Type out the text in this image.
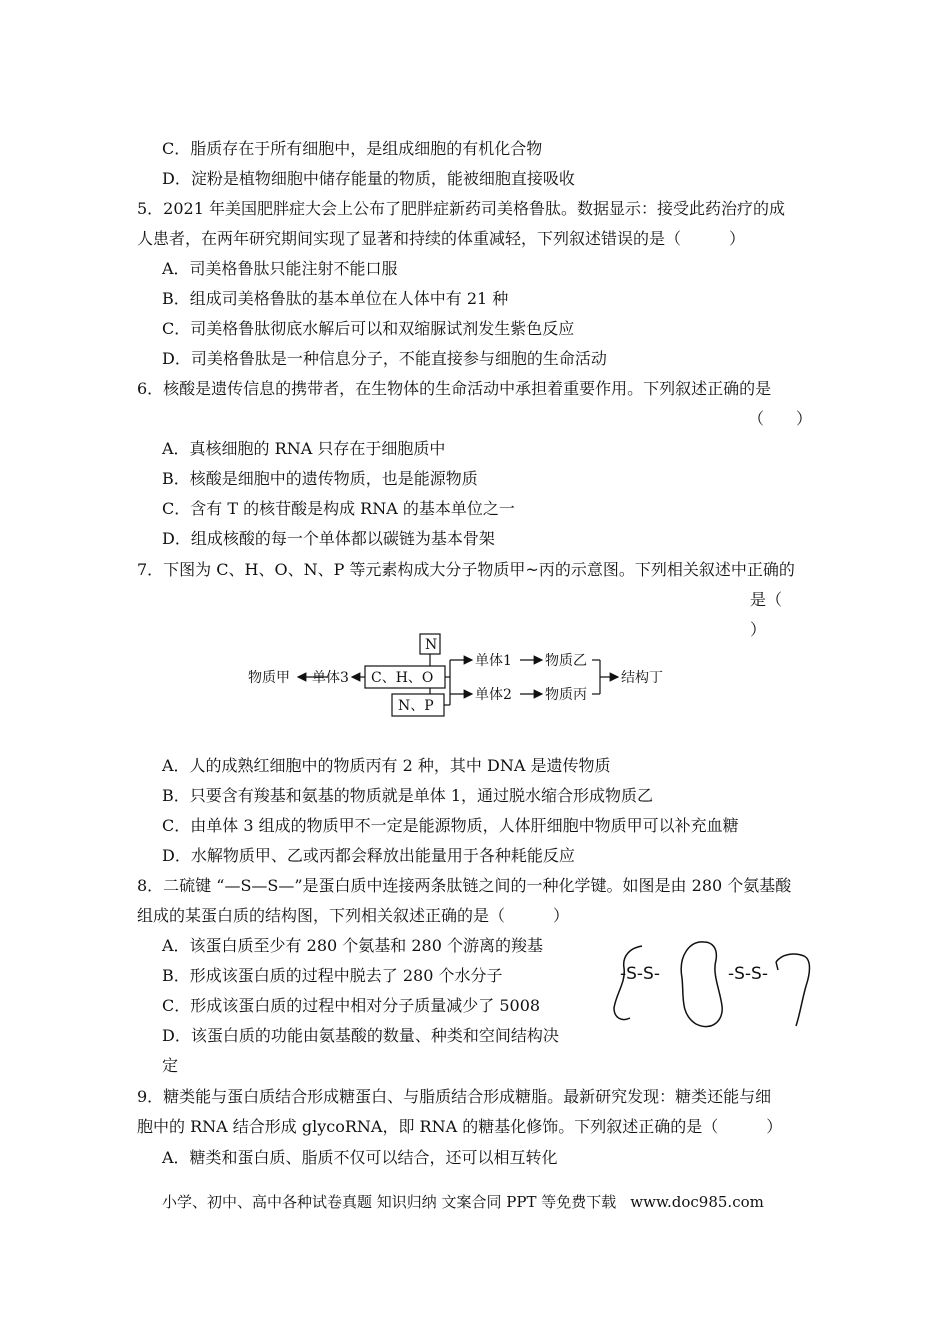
C．脂质存在于所有细胞中，是组成细胞的有机化合物
D．淀粉是植物细胞中储存能量的物质，能被细胞直接吸收
5．2021 年美国肥胖症大会上公布了肥胖症新药司美格鲁肽。数据显示：接受此药治疗的成
人患者，在两年研究期间实现了显著和持续的体重减轻，下列叙述错误的是（　　　）
A．司美格鲁肽只能注射不能口服
B．组成司美格鲁肽的基本单位在人体中有 21 种
C．司美格鲁肽彻底水解后可以和双缩脲试剂发生紫色反应
D．司美格鲁肽是一种信息分子，不能直接参与细胞的生命活动
6．核酸是遗传信息的携带者，在生物体的生命活动中承担着重要作用。下列叙述正确的是
（　　）
A．真核细胞的 RNA 只存在于细胞质中
B．核酸是细胞中的遗传物质，也是能源物质
C．含有 T 的核苷酸是构成 RNA 的基本单位之一
D．组成核酸的每一个单体都以碳链为基本骨架
7．下图为 C、H、O、N、P 等元素构成大分子物质甲~丙的示意图。下列相关叙述中正确的
是（
）
N
C、H、O
N、P
物质甲 单体3
单体1 物质乙
单体2 物质丙
结构丁
A．人的成熟红细胞中的物质丙有 2 种，其中 DNA 是遗传物质
B．只要含有羧基和氨基的物质就是单体 1，通过脱水缩合形成物质乙
C．由单体 3 组成的物质甲不一定是能源物质，人体肝细胞中物质甲可以补充血糖
D．水解物质甲、乙或丙都会释放出能量用于各种耗能反应
8．二硫键 “—S—S—”是蛋白质中连接两条肽链之间的一种化学键。如图是由 280 个氨基酸
组成的某蛋白质的结构图，下列相关叙述正确的是（　　　）
A．该蛋白质至少有 280 个氨基和 280 个游离的羧基
B．形成该蛋白质的过程中脱去了 280 个水分子
C．形成该蛋白质的过程中相对分子质量减少了 5008
D．该蛋白质的功能由氨基酸的数量、种类和空间结构决
定
-S-S-	-S-S-
9．糖类能与蛋白质结合形成糖蛋白、与脂质结合形成糖脂。最新研究发现：糖类还能与细
胞中的 RNA 结合形成 glycoRNA，即 RNA 的糖基化修饰。下列叙述正确的是（　　　）
A．糖类和蛋白质、脂质不仅可以结合，还可以相互转化
小学、初中、高中各种试卷真题 知识归纳 文案合同 PPT 等免费下载 www.doc985.com
